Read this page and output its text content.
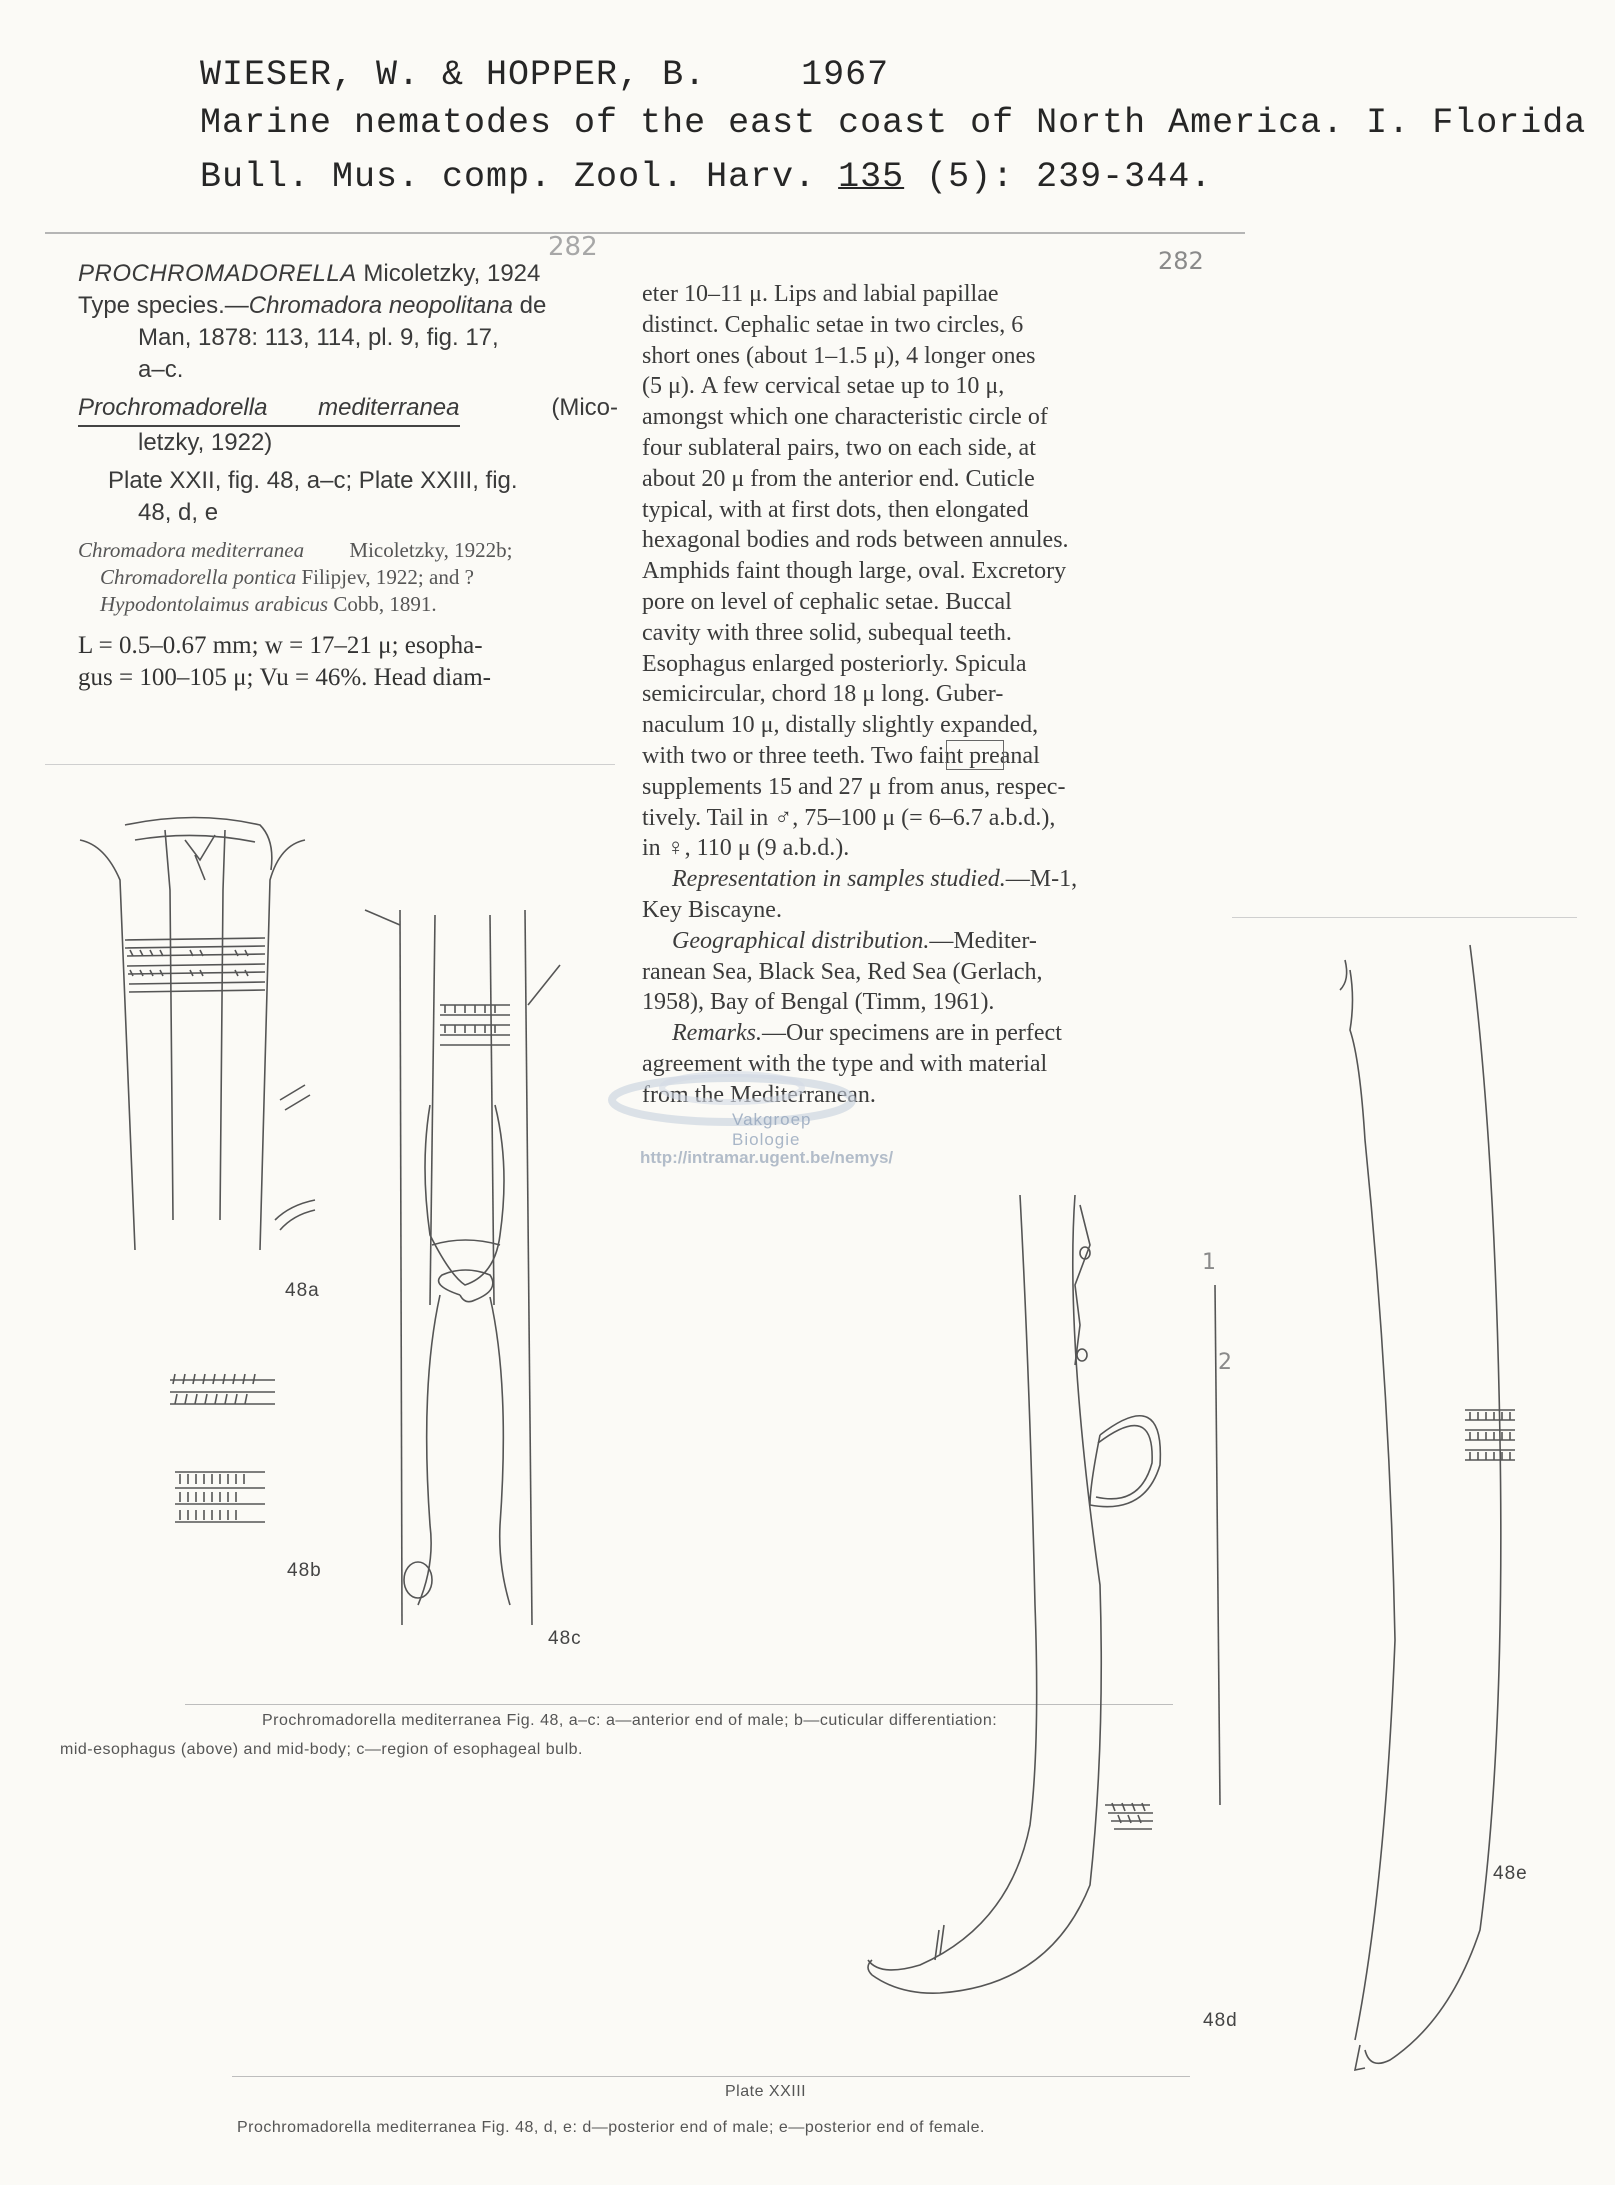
WIESER, W. & HOPPER, B.	1967
Marine nematodes of the east coast of North America. I. Florida
Bull. Mus. comp. Zool. Harv. 135 (5): 239-344.
282	282
PROCHROMADORELLA Micoletzky, 1924
Type species.—Chromadora neopolitana de
Man, 1878: 113, 114, pl. 9, fig. 17,
a–c.
Prochromadorella mediterranea	(Mico-
letzky, 1922)
Plate XXII, fig. 48, a–c; Plate XXIII, fig.
48, d, e
Chromadora mediterranea Micoletzky, 1922b;
Chromadorella pontica Filipjev, 1922; and ?
Hypodontolaimus arabicus Cobb, 1891.
L = 0.5–0.67 mm; w = 17–21 μ; esopha-
gus = 100–105 μ; Vu = 46%. Head diam-
eter 10–11 μ. Lips and labial papillae
distinct. Cephalic setae in two circles, 6
short ones (about 1–1.5 μ), 4 longer ones
(5 μ). A few cervical setae up to 10 μ,
amongst which one characteristic circle of
four sublateral pairs, two on each side, at
about 20 μ from the anterior end. Cuticle
typical, with at first dots, then elongated
hexagonal bodies and rods between annules.
Amphids faint though large, oval. Excretory
pore on level of cephalic setae. Buccal
cavity with three solid, subequal teeth.
Esophagus enlarged posteriorly. Spicula
semicircular, chord 18 μ long. Guber-
naculum 10 μ, distally slightly expanded,
with two or three teeth. Two faint preanal
supplements 15 and 27 μ from anus, respec-
tively. Tail in ♂, 75–100 μ (= 6–6.7 a.b.d.),
in ♀, 110 μ (9 a.b.d.).
Representation in samples studied.—M-1,
Key Biscayne.
Geographical distribution.—Mediter-
ranean Sea, Black Sea, Red Sea (Gerlach,
1958), Bay of Bengal (Timm, 1961).
Remarks.—Our specimens are in perfect
agreement with the type and with material
from the Mediterranean.
Vakgroep Biologie
http://intramar.ugent.be/nemys/
48a
48b
48c
Prochromadorella mediterranea Fig. 48, a–c: a—anterior end of male; b—cuticular differentiation:
mid-esophagus (above) and mid-body; c—region of esophageal bulb.
1
2
48d
48e
Plate XXIII
Prochromadorella mediterranea Fig. 48, d, e: d—posterior end of male; e—posterior end of female.
